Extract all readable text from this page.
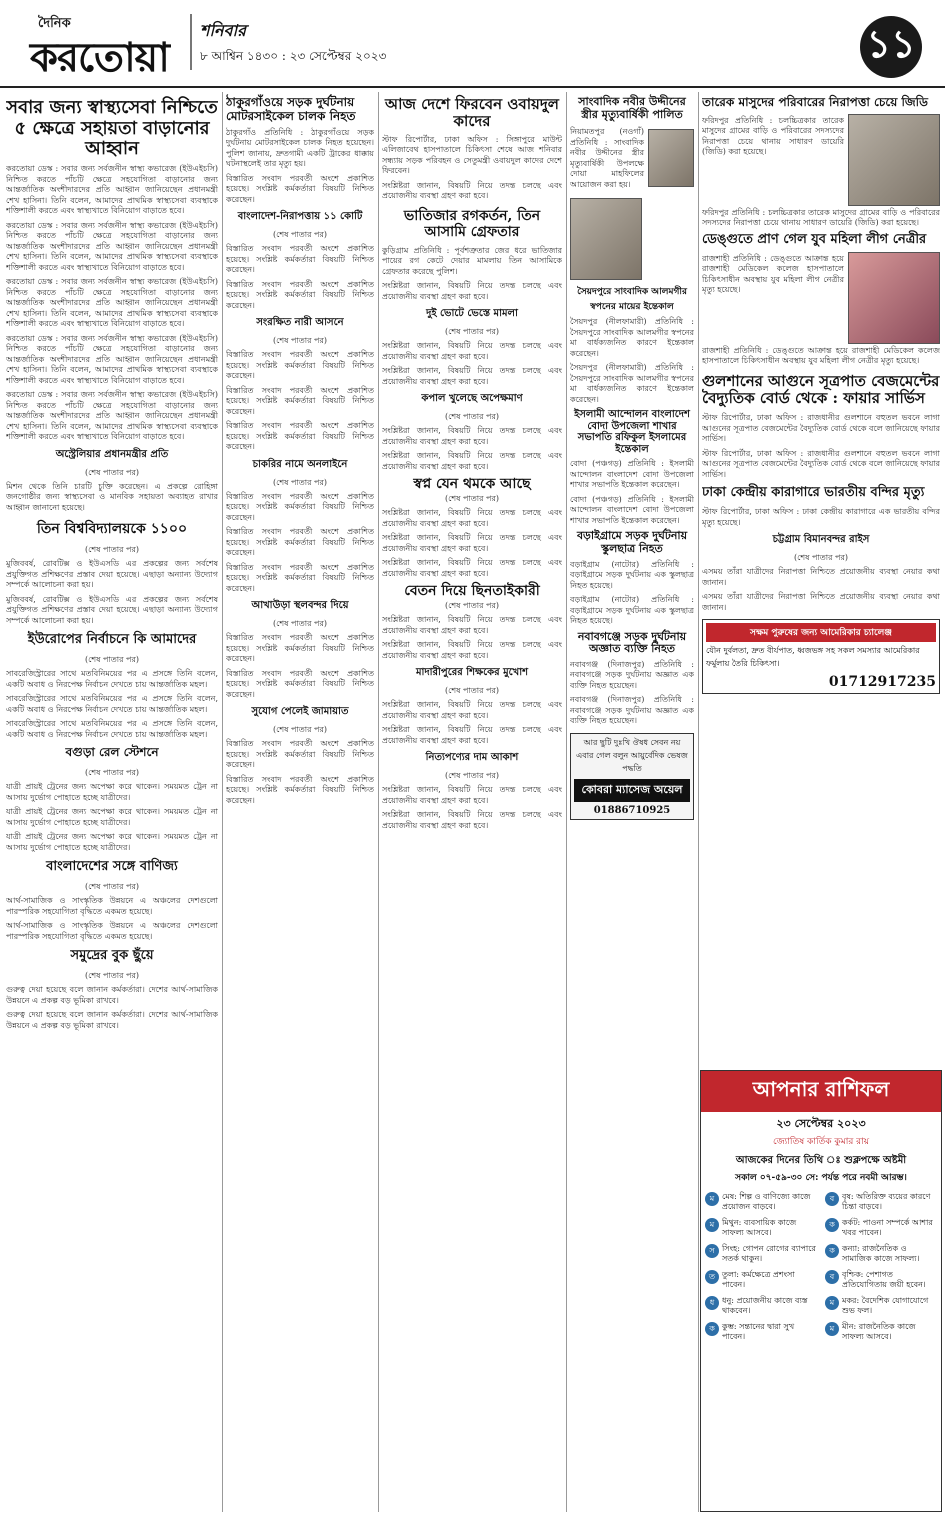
দৈনিক
করতোয়া
শনিবার
৮ আশ্বিন ১৪৩০ : ২৩ সেপ্টেম্বর ২০২৩	১১
সবার জন্য স্বাস্থ্যসেবা নিশ্চিতে ৫ ক্ষেত্রে সহায়তা বাড়ানোর আহ্বান

করতোয়া ডেস্ক : সবার জন্য সর্বজনীন স্বাস্থ্য কভারেজ (ইউএইচসি) নিশ্চিত করতে পাঁচটি ক্ষেত্রে সহযোগিতা বাড়ানোর জন্য আন্তর্জাতিক অংশীদারদের প্রতি আহ্বান জানিয়েছেন প্রধানমন্ত্রী শেখ হাসিনা। তিনি বলেন, আমাদের প্রাথমিক স্বাস্থ্যসেবা ব্যবস্থাকে শক্তিশালী করতে এবং স্বাস্থ্যখাতে বিনিয়োগ বাড়াতে হবে।

করতোয়া ডেস্ক : সবার জন্য সর্বজনীন স্বাস্থ্য কভারেজ (ইউএইচসি) নিশ্চিত করতে পাঁচটি ক্ষেত্রে সহযোগিতা বাড়ানোর জন্য আন্তর্জাতিক অংশীদারদের প্রতি আহ্বান জানিয়েছেন প্রধানমন্ত্রী শেখ হাসিনা। তিনি বলেন, আমাদের প্রাথমিক স্বাস্থ্যসেবা ব্যবস্থাকে শক্তিশালী করতে এবং স্বাস্থ্যখাতে বিনিয়োগ বাড়াতে হবে।

করতোয়া ডেস্ক : সবার জন্য সর্বজনীন স্বাস্থ্য কভারেজ (ইউএইচসি) নিশ্চিত করতে পাঁচটি ক্ষেত্রে সহযোগিতা বাড়ানোর জন্য আন্তর্জাতিক অংশীদারদের প্রতি আহ্বান জানিয়েছেন প্রধানমন্ত্রী শেখ হাসিনা। তিনি বলেন, আমাদের প্রাথমিক স্বাস্থ্যসেবা ব্যবস্থাকে শক্তিশালী করতে এবং স্বাস্থ্যখাতে বিনিয়োগ বাড়াতে হবে।

করতোয়া ডেস্ক : সবার জন্য সর্বজনীন স্বাস্থ্য কভারেজ (ইউএইচসি) নিশ্চিত করতে পাঁচটি ক্ষেত্রে সহযোগিতা বাড়ানোর জন্য আন্তর্জাতিক অংশীদারদের প্রতি আহ্বান জানিয়েছেন প্রধানমন্ত্রী শেখ হাসিনা। তিনি বলেন, আমাদের প্রাথমিক স্বাস্থ্যসেবা ব্যবস্থাকে শক্তিশালী করতে এবং স্বাস্থ্যখাতে বিনিয়োগ বাড়াতে হবে।

করতোয়া ডেস্ক : সবার জন্য সর্বজনীন স্বাস্থ্য কভারেজ (ইউএইচসি) নিশ্চিত করতে পাঁচটি ক্ষেত্রে সহযোগিতা বাড়ানোর জন্য আন্তর্জাতিক অংশীদারদের প্রতি আহ্বান জানিয়েছেন প্রধানমন্ত্রী শেখ হাসিনা। তিনি বলেন, আমাদের প্রাথমিক স্বাস্থ্যসেবা ব্যবস্থাকে শক্তিশালী করতে এবং স্বাস্থ্যখাতে বিনিয়োগ বাড়াতে হবে।

অস্ট্রেলিয়ার প্রধানমন্ত্রীর প্রতি
(শেষ পাতার পর)

মিশন থেকে তিনি চারটি চুক্তি করেছেন। এ প্রকল্পে রোহিঙ্গা জনগোষ্ঠীর জন্য স্বাস্থ্যসেবা ও মানবিক সহায়তা অব্যাহত রাখার আহ্বান জানানো হয়েছে।

তিন বিশ্ববিদ্যালয়কে ১১০০
(শেষ পাতার পর)

মুজিববর্ষ, রোবটিক্স ও ইউএসডি এর প্রকল্পের জন্য সর্বশেষ প্রযুক্তিগত প্রশিক্ষণের প্রস্তাব দেয়া হয়েছে। এছাড়া অন্যান্য উদ্যোগ সম্পর্কে আলোচনা করা হয়।

মুজিববর্ষ, রোবটিক্স ও ইউএসডি এর প্রকল্পের জন্য সর্বশেষ প্রযুক্তিগত প্রশিক্ষণের প্রস্তাব দেয়া হয়েছে। এছাড়া অন্যান্য উদ্যোগ সম্পর্কে আলোচনা করা হয়।

ইউরোপের নির্বাচনে কি আমাদের
(শেষ পাতার পর)

সাবরেজিস্ট্রারের সাথে মতবিনিময়ের পর এ প্রসঙ্গে তিনি বলেন, একটি অবাধ ও নিরপেক্ষ নির্বাচন দেখতে চায় আন্তর্জাতিক মহল।

সাবরেজিস্ট্রারের সাথে মতবিনিময়ের পর এ প্রসঙ্গে তিনি বলেন, একটি অবাধ ও নিরপেক্ষ নির্বাচন দেখতে চায় আন্তর্জাতিক মহল।

সাবরেজিস্ট্রারের সাথে মতবিনিময়ের পর এ প্রসঙ্গে তিনি বলেন, একটি অবাধ ও নিরপেক্ষ নির্বাচন দেখতে চায় আন্তর্জাতিক মহল।

বগুড়া রেল স্টেশনে
(শেষ পাতার পর)

যাত্রী প্রায়ই ট্রেনের জন্য অপেক্ষা করে থাকেন। সময়মত ট্রেন না আসায় দুর্ভোগ পোহাতে হচ্ছে যাত্রীদের।

যাত্রী প্রায়ই ট্রেনের জন্য অপেক্ষা করে থাকেন। সময়মত ট্রেন না আসায় দুর্ভোগ পোহাতে হচ্ছে যাত্রীদের।

যাত্রী প্রায়ই ট্রেনের জন্য অপেক্ষা করে থাকেন। সময়মত ট্রেন না আসায় দুর্ভোগ পোহাতে হচ্ছে যাত্রীদের।

বাংলাদেশের সঙ্গে বাণিজ্য
(শেষ পাতার পর)

আর্থ-সামাজিক ও সাংস্কৃতিক উন্নয়নে এ অঞ্চলের দেশগুলো পারস্পরিক সহযোগিতা বৃদ্ধিতে একমত হয়েছে।

আর্থ-সামাজিক ও সাংস্কৃতিক উন্নয়নে এ অঞ্চলের দেশগুলো পারস্পরিক সহযোগিতা বৃদ্ধিতে একমত হয়েছে।

সমুদ্রের বুক ছুঁয়ে
(শেষ পাতার পর)

গুরুত্ব দেয়া হয়েছে বলে জানান কর্মকর্তারা। দেশের আর্থ-সামাজিক উন্নয়নে এ প্রকল্প বড় ভূমিকা রাখবে।

গুরুত্ব দেয়া হয়েছে বলে জানান কর্মকর্তারা। দেশের আর্থ-সামাজিক উন্নয়নে এ প্রকল্প বড় ভূমিকা রাখবে।

ঠাকুরগাঁওয়ে সড়ক দুর্ঘটনায় মোটরসাইকেল চালক নিহত

ঠাকুরগাঁও প্রতিনিধি : ঠাকুরগাঁওয়ে সড়ক দুর্ঘটনায় মোটরসাইকেল চালক নিহত হয়েছেন। পুলিশ জানায়, দ্রুতগামী একটি ট্রাকের ধাক্কায় ঘটনাস্থলেই তার মৃত্যু হয়।

বিস্তারিত সংবাদ পরবর্তী অংশে প্রকাশিত হয়েছে। সংশ্লিষ্ট কর্মকর্তারা বিষয়টি নিশ্চিত করেছেন।

বাংলাদেশ-নিরাপত্তায় ১১ কোটি
(শেষ পাতার পর)

বিস্তারিত সংবাদ পরবর্তী অংশে প্রকাশিত হয়েছে। সংশ্লিষ্ট কর্মকর্তারা বিষয়টি নিশ্চিত করেছেন।

বিস্তারিত সংবাদ পরবর্তী অংশে প্রকাশিত হয়েছে। সংশ্লিষ্ট কর্মকর্তারা বিষয়টি নিশ্চিত করেছেন।

সংরক্ষিত নারী আসনে
(শেষ পাতার পর)

বিস্তারিত সংবাদ পরবর্তী অংশে প্রকাশিত হয়েছে। সংশ্লিষ্ট কর্মকর্তারা বিষয়টি নিশ্চিত করেছেন।

বিস্তারিত সংবাদ পরবর্তী অংশে প্রকাশিত হয়েছে। সংশ্লিষ্ট কর্মকর্তারা বিষয়টি নিশ্চিত করেছেন।

বিস্তারিত সংবাদ পরবর্তী অংশে প্রকাশিত হয়েছে। সংশ্লিষ্ট কর্মকর্তারা বিষয়টি নিশ্চিত করেছেন।

চাকরির নামে অনলাইনে
(শেষ পাতার পর)

বিস্তারিত সংবাদ পরবর্তী অংশে প্রকাশিত হয়েছে। সংশ্লিষ্ট কর্মকর্তারা বিষয়টি নিশ্চিত করেছেন।

বিস্তারিত সংবাদ পরবর্তী অংশে প্রকাশিত হয়েছে। সংশ্লিষ্ট কর্মকর্তারা বিষয়টি নিশ্চিত করেছেন।

বিস্তারিত সংবাদ পরবর্তী অংশে প্রকাশিত হয়েছে। সংশ্লিষ্ট কর্মকর্তারা বিষয়টি নিশ্চিত করেছেন।

আখাউড়া স্থলবন্দর দিয়ে
(শেষ পাতার পর)

বিস্তারিত সংবাদ পরবর্তী অংশে প্রকাশিত হয়েছে। সংশ্লিষ্ট কর্মকর্তারা বিষয়টি নিশ্চিত করেছেন।

বিস্তারিত সংবাদ পরবর্তী অংশে প্রকাশিত হয়েছে। সংশ্লিষ্ট কর্মকর্তারা বিষয়টি নিশ্চিত করেছেন।

সুযোগ পেলেই জামায়াত
(শেষ পাতার পর)

বিস্তারিত সংবাদ পরবর্তী অংশে প্রকাশিত হয়েছে। সংশ্লিষ্ট কর্মকর্তারা বিষয়টি নিশ্চিত করেছেন।

বিস্তারিত সংবাদ পরবর্তী অংশে প্রকাশিত হয়েছে। সংশ্লিষ্ট কর্মকর্তারা বিষয়টি নিশ্চিত করেছেন।

আজ দেশে ফিরবেন ওবায়দুল কাদের

স্টাফ রিপোর্টার, ঢাকা অফিস : সিঙ্গাপুরে মাউন্ট এলিজাবেথ হাসপাতালে চিকিৎসা শেষে আজ শনিবার সন্ধ্যায় সড়ক পরিবহন ও সেতুমন্ত্রী ওবায়দুল কাদের দেশে ফিরবেন।

সংশ্লিষ্টরা জানান, বিষয়টি নিয়ে তদন্ত চলছে এবং প্রয়োজনীয় ব্যবস্থা গ্রহণ করা হবে।

ভাতিজার রগকর্তন, তিন আসামি গ্রেফতার

কুড়িগ্রাম প্রতিনিধি : পূর্বশত্রুতার জের ধরে ভাতিজার পায়ের রগ কেটে দেয়ার মামলায় তিন আসামিকে গ্রেফতার করেছে পুলিশ।

সংশ্লিষ্টরা জানান, বিষয়টি নিয়ে তদন্ত চলছে এবং প্রয়োজনীয় ব্যবস্থা গ্রহণ করা হবে।

দুই ভোটে ভেস্তে মামলা
(শেষ পাতার পর)

সংশ্লিষ্টরা জানান, বিষয়টি নিয়ে তদন্ত চলছে এবং প্রয়োজনীয় ব্যবস্থা গ্রহণ করা হবে।

সংশ্লিষ্টরা জানান, বিষয়টি নিয়ে তদন্ত চলছে এবং প্রয়োজনীয় ব্যবস্থা গ্রহণ করা হবে।

কপাল খুলেছে অপেক্ষমাণ
(শেষ পাতার পর)

সংশ্লিষ্টরা জানান, বিষয়টি নিয়ে তদন্ত চলছে এবং প্রয়োজনীয় ব্যবস্থা গ্রহণ করা হবে।

সংশ্লিষ্টরা জানান, বিষয়টি নিয়ে তদন্ত চলছে এবং প্রয়োজনীয় ব্যবস্থা গ্রহণ করা হবে।

স্বপ্ন যেন থমকে আছে
(শেষ পাতার পর)

সংশ্লিষ্টরা জানান, বিষয়টি নিয়ে তদন্ত চলছে এবং প্রয়োজনীয় ব্যবস্থা গ্রহণ করা হবে।

সংশ্লিষ্টরা জানান, বিষয়টি নিয়ে তদন্ত চলছে এবং প্রয়োজনীয় ব্যবস্থা গ্রহণ করা হবে।

সংশ্লিষ্টরা জানান, বিষয়টি নিয়ে তদন্ত চলছে এবং প্রয়োজনীয় ব্যবস্থা গ্রহণ করা হবে।

বেতন দিয়ে ছিনতাইকারী
(শেষ পাতার পর)

সংশ্লিষ্টরা জানান, বিষয়টি নিয়ে তদন্ত চলছে এবং প্রয়োজনীয় ব্যবস্থা গ্রহণ করা হবে।

সংশ্লিষ্টরা জানান, বিষয়টি নিয়ে তদন্ত চলছে এবং প্রয়োজনীয় ব্যবস্থা গ্রহণ করা হবে।

মাদারীপুরের শিক্ষকের মুখোশ
(শেষ পাতার পর)

সংশ্লিষ্টরা জানান, বিষয়টি নিয়ে তদন্ত চলছে এবং প্রয়োজনীয় ব্যবস্থা গ্রহণ করা হবে।

সংশ্লিষ্টরা জানান, বিষয়টি নিয়ে তদন্ত চলছে এবং প্রয়োজনীয় ব্যবস্থা গ্রহণ করা হবে।

নিত্যপণ্যের দাম আকাশ
(শেষ পাতার পর)

সংশ্লিষ্টরা জানান, বিষয়টি নিয়ে তদন্ত চলছে এবং প্রয়োজনীয় ব্যবস্থা গ্রহণ করা হবে।

সংশ্লিষ্টরা জানান, বিষয়টি নিয়ে তদন্ত চলছে এবং প্রয়োজনীয় ব্যবস্থা গ্রহণ করা হবে।

সাংবাদিক নবীর উদ্দীনের স্ত্রীর মৃত্যুবার্ষিকী পালিত

নিয়ামতপুর (নওগাঁ) প্রতিনিধি : সাংবাদিক নবীর উদ্দীনের স্ত্রীর মৃত্যুবার্ষিকী উপলক্ষে দোয়া মাহফিলের আয়োজন করা হয়।

সৈয়দপুরে সাংবাদিক আলমগীর স্বপনের মায়ের ইন্তেকাল

সৈয়দপুর (নীলফামারী) প্রতিনিধি : সৈয়দপুরে সাংবাদিক আলমগীর স্বপনের মা বার্ধক্যজনিত কারণে ইন্তেকাল করেছেন।

সৈয়দপুর (নীলফামারী) প্রতিনিধি : সৈয়দপুরে সাংবাদিক আলমগীর স্বপনের মা বার্ধক্যজনিত কারণে ইন্তেকাল করেছেন।

ইসলামী আন্দোলন বাংলাদেশ বোদা উপজেলা শাখার সভাপতি রফিকুল ইসলামের ইন্তেকাল

বোদা (পঞ্চগড়) প্রতিনিধি : ইসলামী আন্দোলন বাংলাদেশ বোদা উপজেলা শাখার সভাপতি ইন্তেকাল করেছেন।

বোদা (পঞ্চগড়) প্রতিনিধি : ইসলামী আন্দোলন বাংলাদেশ বোদা উপজেলা শাখার সভাপতি ইন্তেকাল করেছেন।

বড়াইগ্রামে সড়ক দুর্ঘটনায় স্কুলছাত্র নিহত

বড়াইগ্রাম (নাটোর) প্রতিনিধি : বড়াইগ্রামে সড়ক দুর্ঘটনায় এক স্কুলছাত্র নিহত হয়েছে।

বড়াইগ্রাম (নাটোর) প্রতিনিধি : বড়াইগ্রামে সড়ক দুর্ঘটনায় এক স্কুলছাত্র নিহত হয়েছে।

নবাবগঞ্জে সড়ক দুর্ঘটনায় অজ্ঞাত ব্যক্তি নিহত

নবাবগঞ্জ (দিনাজপুর) প্রতিনিধি : নবাবগঞ্জে সড়ক দুর্ঘটনায় অজ্ঞাত এক ব্যক্তি নিহত হয়েছেন।

নবাবগঞ্জ (দিনাজপুর) প্রতিনিধি : নবাবগঞ্জে সড়ক দুর্ঘটনায় অজ্ঞাত এক ব্যক্তি নিহত হয়েছেন।

আর ছুটি দুঃখি ঔষধ সেবন নয় এবার গেল বলুন আয়ুর্বেদিক ভেষজ পদ্ধতি
কোবরা ম্যাসেজ অয়েল
01886710925
তারেক মাসুদের পরিবারের নিরাপত্তা চেয়ে জিডি

ফরিদপুর প্রতিনিধি : চলচ্চিত্রকার তারেক মাসুদের গ্রামের বাড়ি ও পরিবারের সদস্যদের নিরাপত্তা চেয়ে থানায় সাধারণ ডায়েরি (জিডি) করা হয়েছে।

ফরিদপুর প্রতিনিধি : চলচ্চিত্রকার তারেক মাসুদের গ্রামের বাড়ি ও পরিবারের সদস্যদের নিরাপত্তা চেয়ে থানায় সাধারণ ডায়েরি (জিডি) করা হয়েছে।

ডেঙ্গুতে প্রাণ গেল যুব মহিলা লীগ নেত্রীর

রাজশাহী প্রতিনিধি : ডেঙ্গুতে আক্রান্ত হয়ে রাজশাহী মেডিকেল কলেজ হাসপাতালে চিকিৎসাধীন অবস্থায় যুব মহিলা লীগ নেত্রীর মৃত্যু হয়েছে।

রাজশাহী প্রতিনিধি : ডেঙ্গুতে আক্রান্ত হয়ে রাজশাহী মেডিকেল কলেজ হাসপাতালে চিকিৎসাধীন অবস্থায় যুব মহিলা লীগ নেত্রীর মৃত্যু হয়েছে।

গুলশানের আগুনে সূত্রপাত বেজমেন্টের বৈদ্যুতিক বোর্ড থেকে : ফায়ার সার্ভিস

স্টাফ রিপোর্টার, ঢাকা অফিস : রাজধানীর গুলশানে বহুতল ভবনে লাগা আগুনের সূত্রপাত বেজমেন্টের বৈদ্যুতিক বোর্ড থেকে বলে জানিয়েছে ফায়ার সার্ভিস।

স্টাফ রিপোর্টার, ঢাকা অফিস : রাজধানীর গুলশানে বহুতল ভবনে লাগা আগুনের সূত্রপাত বেজমেন্টের বৈদ্যুতিক বোর্ড থেকে বলে জানিয়েছে ফায়ার সার্ভিস।

ঢাকা কেন্দ্রীয় কারাগারে ভারতীয় বন্দির মৃত্যু

স্টাফ রিপোর্টার, ঢাকা অফিস : ঢাকা কেন্দ্রীয় কারাগারে এক ভারতীয় বন্দির মৃত্যু হয়েছে।

চট্টগ্রাম বিমানবন্দর রাইস
(শেষ পাতার পর)

এসময় তাঁরা যাত্রীদের নিরাপত্তা নিশ্চিতে প্রয়োজনীয় ব্যবস্থা নেয়ার কথা জানান।

এসময় তাঁরা যাত্রীদের নিরাপত্তা নিশ্চিতে প্রয়োজনীয় ব্যবস্থা নেয়ার কথা জানান।

সক্ষম পুরুষের জন্য আমেরিকার চ্যালেঞ্জ
যৌন দুর্বলতা, দ্রুত বীর্যপাত, ধ্বজভঙ্গ সহ সকল সমস্যার আমেরিকার ফর্মুলায় তৈরি চিকিৎসা।
01712917235
আপনার রাশিফল
২৩ সেপ্টেম্বর ২০২৩
জ্যোতিষ কার্তিক কুমার রায়
আজকের দিনের তিথি ঃ শুক্লপক্ষে অষ্টমী
সকাল ০৭-৫৯-৩০ সে: পর্যন্ত পরে নবমী আরম্ভ।
ম মেষ: শিল্প ও বাণিজ্যে কাজে প্রয়োজন বাড়বে।
ব বৃষ: অতিরিক্ত ব্যয়ের কারণে চিন্তা বাড়বে।
ম মিথুন: ব্যবসায়িক কাজে সাফল্য আসবে।
ক কর্কট: পাওনা সম্পর্কে আশার খবর পাবেন।
স সিংহ: গোপন রোগের ব্যাপারে সতর্ক থাকুন।
ক কন্যা: রাজনৈতিক ও সামাজিক কাজে সাফল্য।
ত তুলা: কর্মক্ষেত্রে প্রশংসা পাবেন।
ব বৃশ্চিক: পেশাগত প্রতিযোগিতায় জয়ী হবেন।
ধ ধনু: প্রয়োজনীয় কাজে ব্যস্ত থাকবেন।
ম মকর: বৈদেশিক যোগাযোগে শুভ ফল।
ক কুম্ভ: সন্তানের দ্বারা সুখ পাবেন।
ম মীন: রাজনৈতিক কাজে সাফল্য আসবে।
